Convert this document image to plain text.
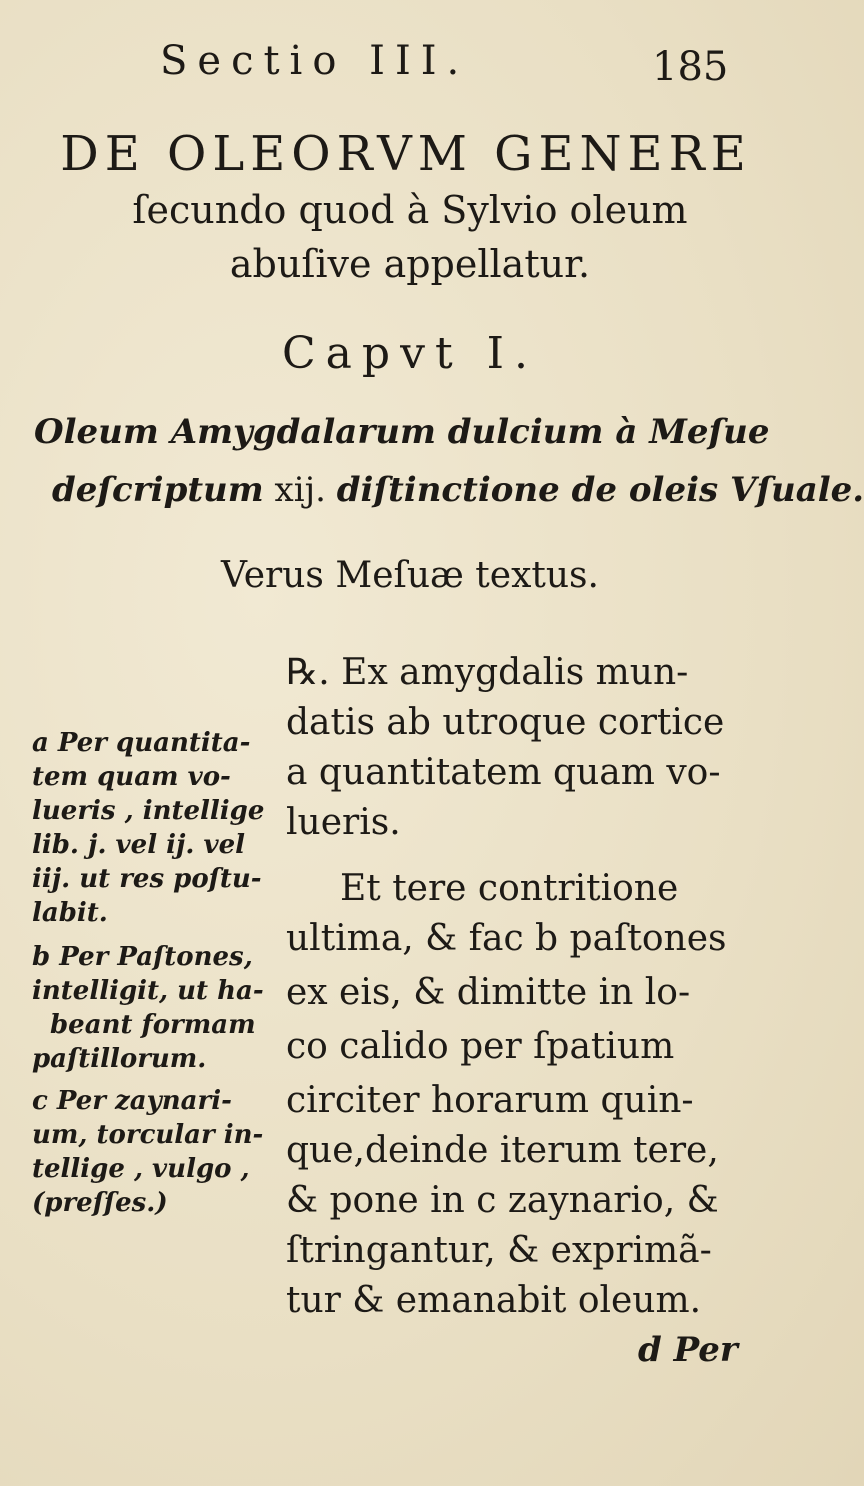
Sectio III.	185
DE OLEORVM GENERE
ſecundo quod à Sylvio oleum
abuſive appellatur.
Capvt I.
Oleum Amygdalarum dulcium à Meſue
deſcriptum xij. diſtinctione de oleis Vſuale.
Verus Meſuæ textus.
℞. Ex amygdalis mun-
datis ab utroque cortice
a quantitatem quam vo-
lueris.
Et tere contritione
ultima, & fac b paſtones
ex eis, & dimitte in lo-
co calido per ſpatium
circiter horarum quin-
que,deinde iterum tere,
& pone in c zaynario, &
ſtringantur, & exprimã-
tur & emanabit oleum.
a Per quantita-
tem quam vo-
lueris , intellige
lib. j. vel ij. vel
iij. ut res poſtu-
labit.
b Per Paſtones,
intelligit, ut ha-
beant formam
paſtillorum.
c Per zaynari-
um, torcular in-
tellige , vulgo ,
(preſſes.)
d Per
